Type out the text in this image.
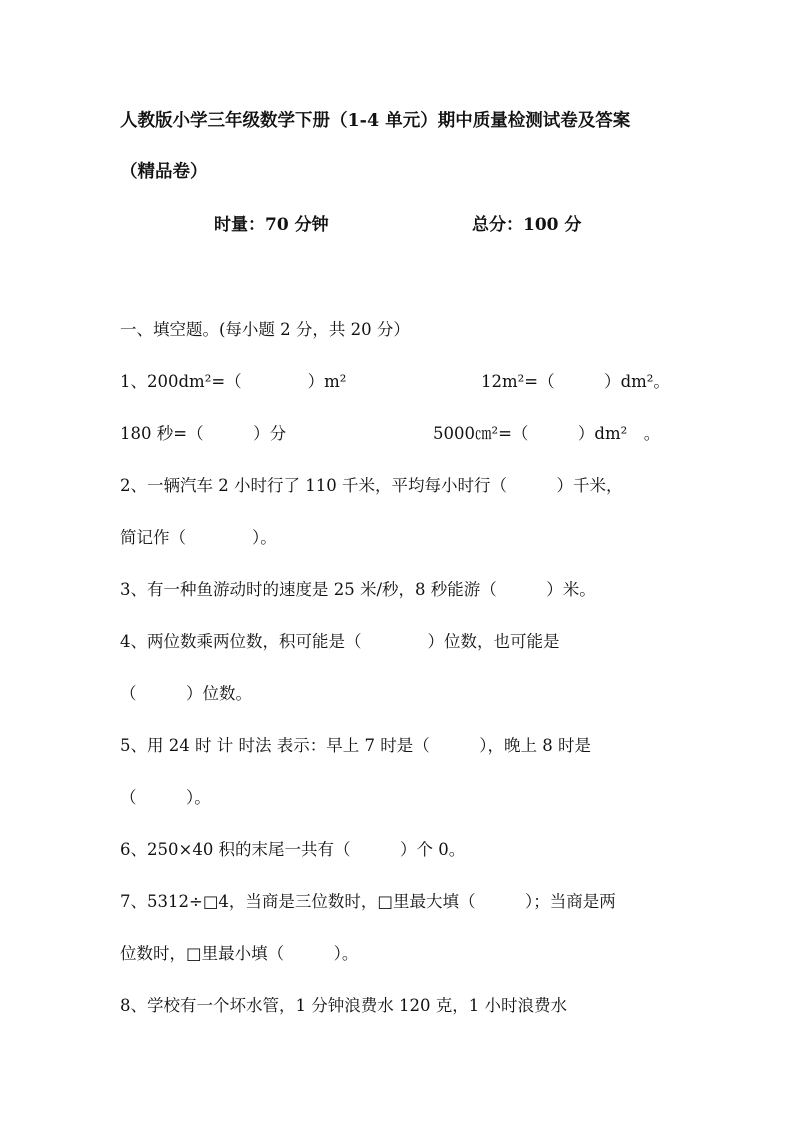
人教版小学三年级数学下册（1-4 单元）期中质量检测试卷及答案
（精品卷）
时量：70 分钟	总分：100 分
一、填空题。(每小题 2 分，共 20 分）
1、200dm²=（　　　　）m²	12m²=（　　　）dm²。
180 秒=（　　　）分	5000㎝²=（　　　）dm²　。
2、一辆汽车 2 小时行了 110 千米，平均每小时行（　　　）千米，
简记作（　　　　）。
3、有一种鱼游动时的速度是 25 米/秒，8 秒能游（　　　）米。
4、两位数乘两位数，积可能是（　　　　）位数，也可能是
（　　　）位数。
5、用 24 时 计 时法 表示：早上 7 时是（　　　），晚上 8 时是
（　　　）。
6、250×40 积的末尾一共有（　　　）个 0。
7、5312÷□4，当商是三位数时，□里最大填（　　　）；当商是两
位数时，□里最小填（　　　）。
8、学校有一个坏水管，1 分钟浪费水 120 克，1 小时浪费水
